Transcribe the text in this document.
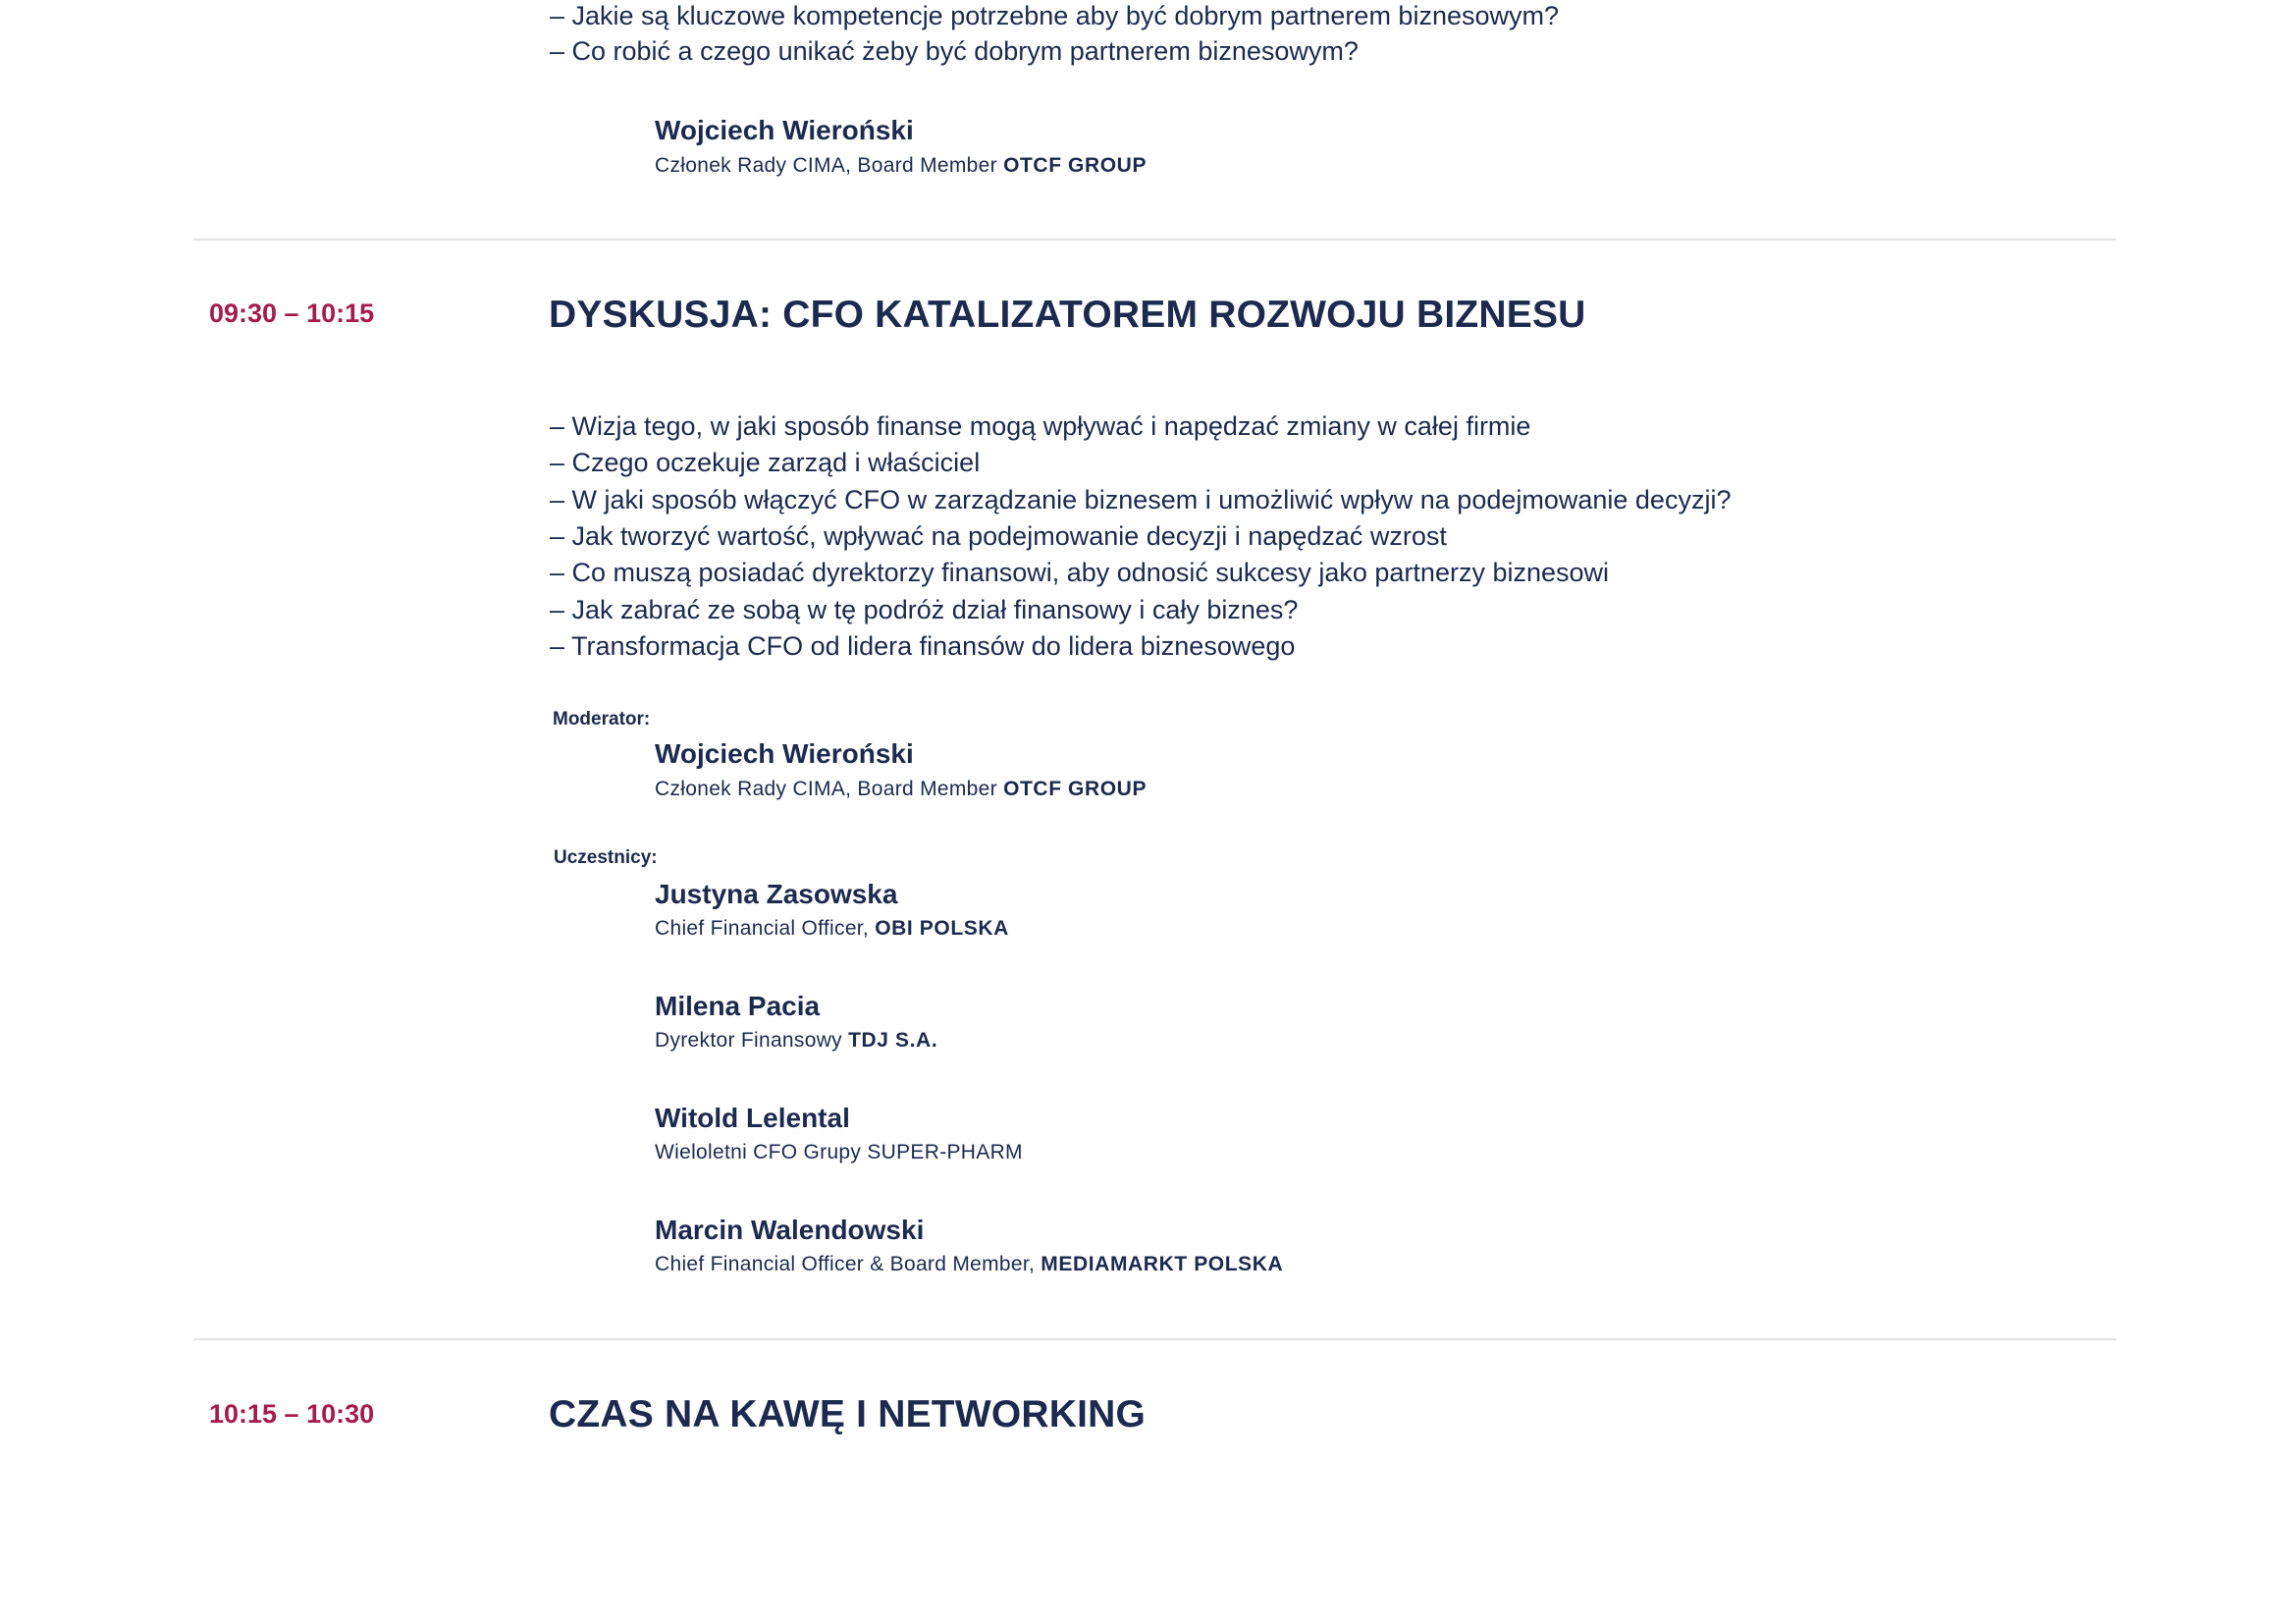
– Jakie są kluczowe kompetencje potrzebne aby być dobrym partnerem biznesowym?
– Co robić a czego unikać żeby być dobrym partnerem biznesowym?
Wojciech Wieroński
Członek Rady CIMA, Board Member OTCF GROUP
09:30 – 10:15	DYSKUSJA: CFO KATALIZATOREM ROZWOJU BIZNESU
– Wizja tego, w jaki sposób finanse mogą wpływać i napędzać zmiany w całej firmie
– Czego oczekuje zarząd i właściciel
– W jaki sposób włączyć CFO w zarządzanie biznesem i umożliwić wpływ na podejmowanie decyzji?
– Jak tworzyć wartość, wpływać na podejmowanie decyzji i napędzać wzrost
– Co muszą posiadać dyrektorzy finansowi, aby odnosić sukcesy jako partnerzy biznesowi
– Jak zabrać ze sobą w tę podróż dział finansowy i cały biznes?
– Transformacja CFO od lidera finansów do lidera biznesowego
Moderator:
Wojciech Wieroński
Członek Rady CIMA, Board Member OTCF GROUP
Uczestnicy:
Justyna Zasowska
Chief Financial Officer, OBI POLSKA
Milena Pacia
Dyrektor Finansowy TDJ S.A.
Witold Lelental
Wieloletni CFO Grupy SUPER-PHARM
Marcin Walendowski
Chief Financial Officer & Board Member, MEDIAMARKT POLSKA
10:15 – 10:30	CZAS NA KAWĘ I NETWORKING
